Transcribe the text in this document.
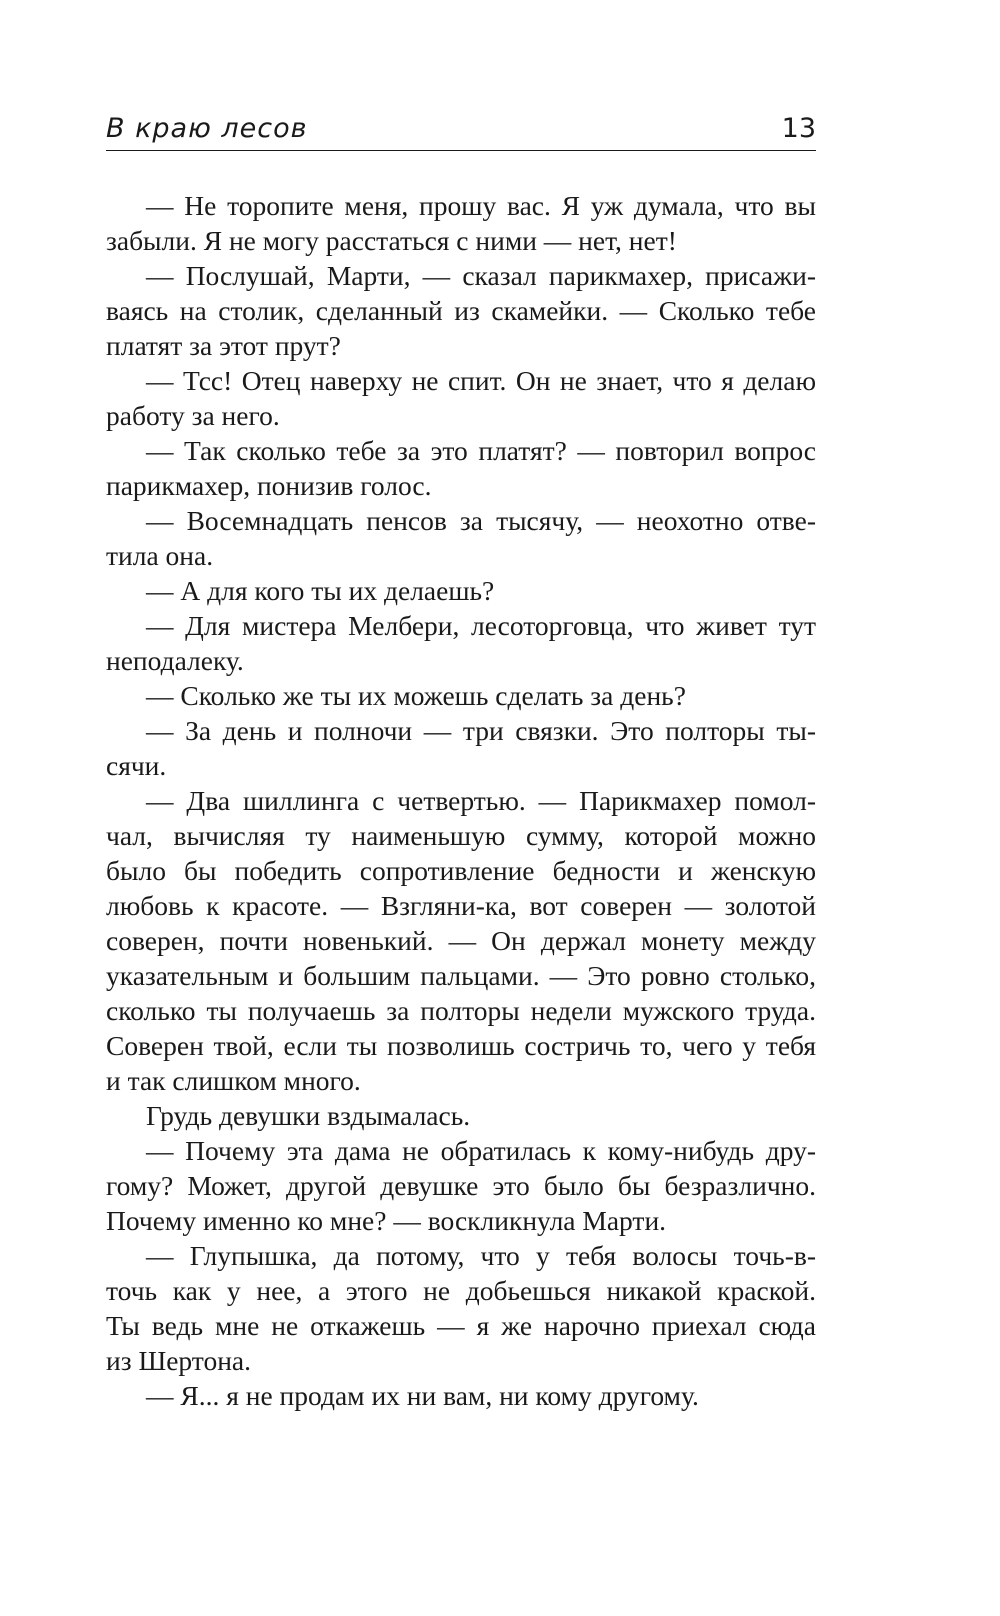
В краю лесов	13
— Не торопите меня, прошу вас. Я уж думала, что вы
забыли. Я не могу расстаться с ними — нет, нет!
— Послушай, Марти, — сказал парикмахер, присажи-
ваясь на столик, сделанный из скамейки. — Сколько тебе
платят за этот прут?
— Тсс! Отец наверху не спит. Он не знает, что я делаю
работу за него.
— Так сколько тебе за это платят? — повторил вопрос
парикмахер, понизив голос.
— Восемнадцать пенсов за тысячу, — неохотно отве-
тила она.
— А для кого ты их делаешь?
— Для мистера Мелбери, лесоторговца, что живет тут
неподалеку.
— Сколько же ты их можешь сделать за день?
— За день и полночи — три связки. Это полторы ты-
сячи.
— Два шиллинга с четвертью. — Парикмахер помол-
чал, вычисляя ту наименьшую сумму, которой можно
было бы победить сопротивление бедности и женскую
любовь к красоте. — Взгляни-ка, вот соверен — золотой
соверен, почти новенький. — Он держал монету между
указательным и большим пальцами. — Это ровно столько,
сколько ты получаешь за полторы недели мужского труда.
Соверен твой, если ты позволишь состричь то, чего у тебя
и так слишком много.
Грудь девушки вздымалась.
— Почему эта дама не обратилась к кому-нибудь дру-
гому? Может, другой девушке это было бы безразлично.
Почему именно ко мне? — воскликнула Марти.
— Глупышка, да потому, что у тебя волосы точь-в-
точь как у нее, а этого не добьешься никакой краской.
Ты ведь мне не откажешь — я же нарочно приехал сюда
из Шертона.
— Я... я не продам их ни вам, ни кому другому.
